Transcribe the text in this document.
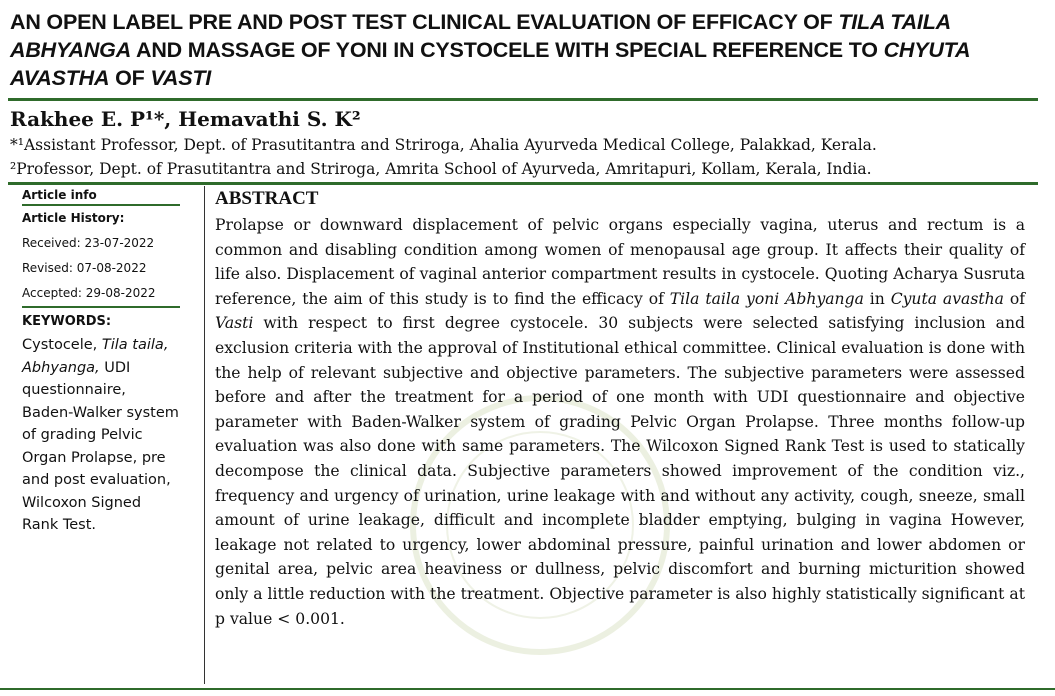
AN OPEN LABEL PRE AND POST TEST CLINICAL EVALUATION OF EFFICACY OF TILA TAILA ABHYANGA AND MASSAGE OF YONI IN CYSTOCELE WITH SPECIAL REFERENCE TO CHYUTA AVASTHA OF VASTI
Rakhee E. P¹*, Hemavathi S. K²
*¹Assistant Professor, Dept. of Prasutitantra and Striroga, Ahalia Ayurveda Medical College, Palakkad, Kerala.
²Professor, Dept. of Prasutitantra and Striroga, Amrita School of Ayurveda, Amritapuri, Kollam, Kerala, India.
Article info
Article History:
Received: 23-07-2022
Revised: 07-08-2022
Accepted: 29-08-2022
KEYWORDS:
Cystocele, Tila taila, Abhyanga, UDI questionnaire, Baden-Walker system of grading Pelvic Organ Prolapse, pre and post evaluation, Wilcoxon Signed Rank Test.
ABSTRACT
Prolapse or downward displacement of pelvic organs especially vagina, uterus and rectum is a common and disabling condition among women of menopausal age group. It affects their quality of life also. Displacement of vaginal anterior compartment results in cystocele. Quoting Acharya Susruta reference, the aim of this study is to find the efficacy of Tila taila yoni Abhyanga in Cyuta avastha of Vasti with respect to first degree cystocele. 30 subjects were selected satisfying inclusion and exclusion criteria with the approval of Institutional ethical committee. Clinical evaluation is done with the help of relevant subjective and objective parameters. The subjective parameters were assessed before and after the treatment for a period of one month with UDI questionnaire and objective parameter with Baden-Walker system of grading Pelvic Organ Prolapse. Three months follow-up evaluation was also done with same parameters. The Wilcoxon Signed Rank Test is used to statically decompose the clinical data. Subjective parameters showed improvement of the condition viz., frequency and urgency of urination, urine leakage with and without any activity, cough, sneeze, small amount of urine leakage, difficult and incomplete bladder emptying, bulging in vagina However, leakage not related to urgency, lower abdominal pressure, painful urination and lower abdomen or genital area, pelvic area heaviness or dullness, pelvic discomfort and burning micturition showed only a little reduction with the treatment. Objective parameter is also highly statistically significant at p value < 0.001.
